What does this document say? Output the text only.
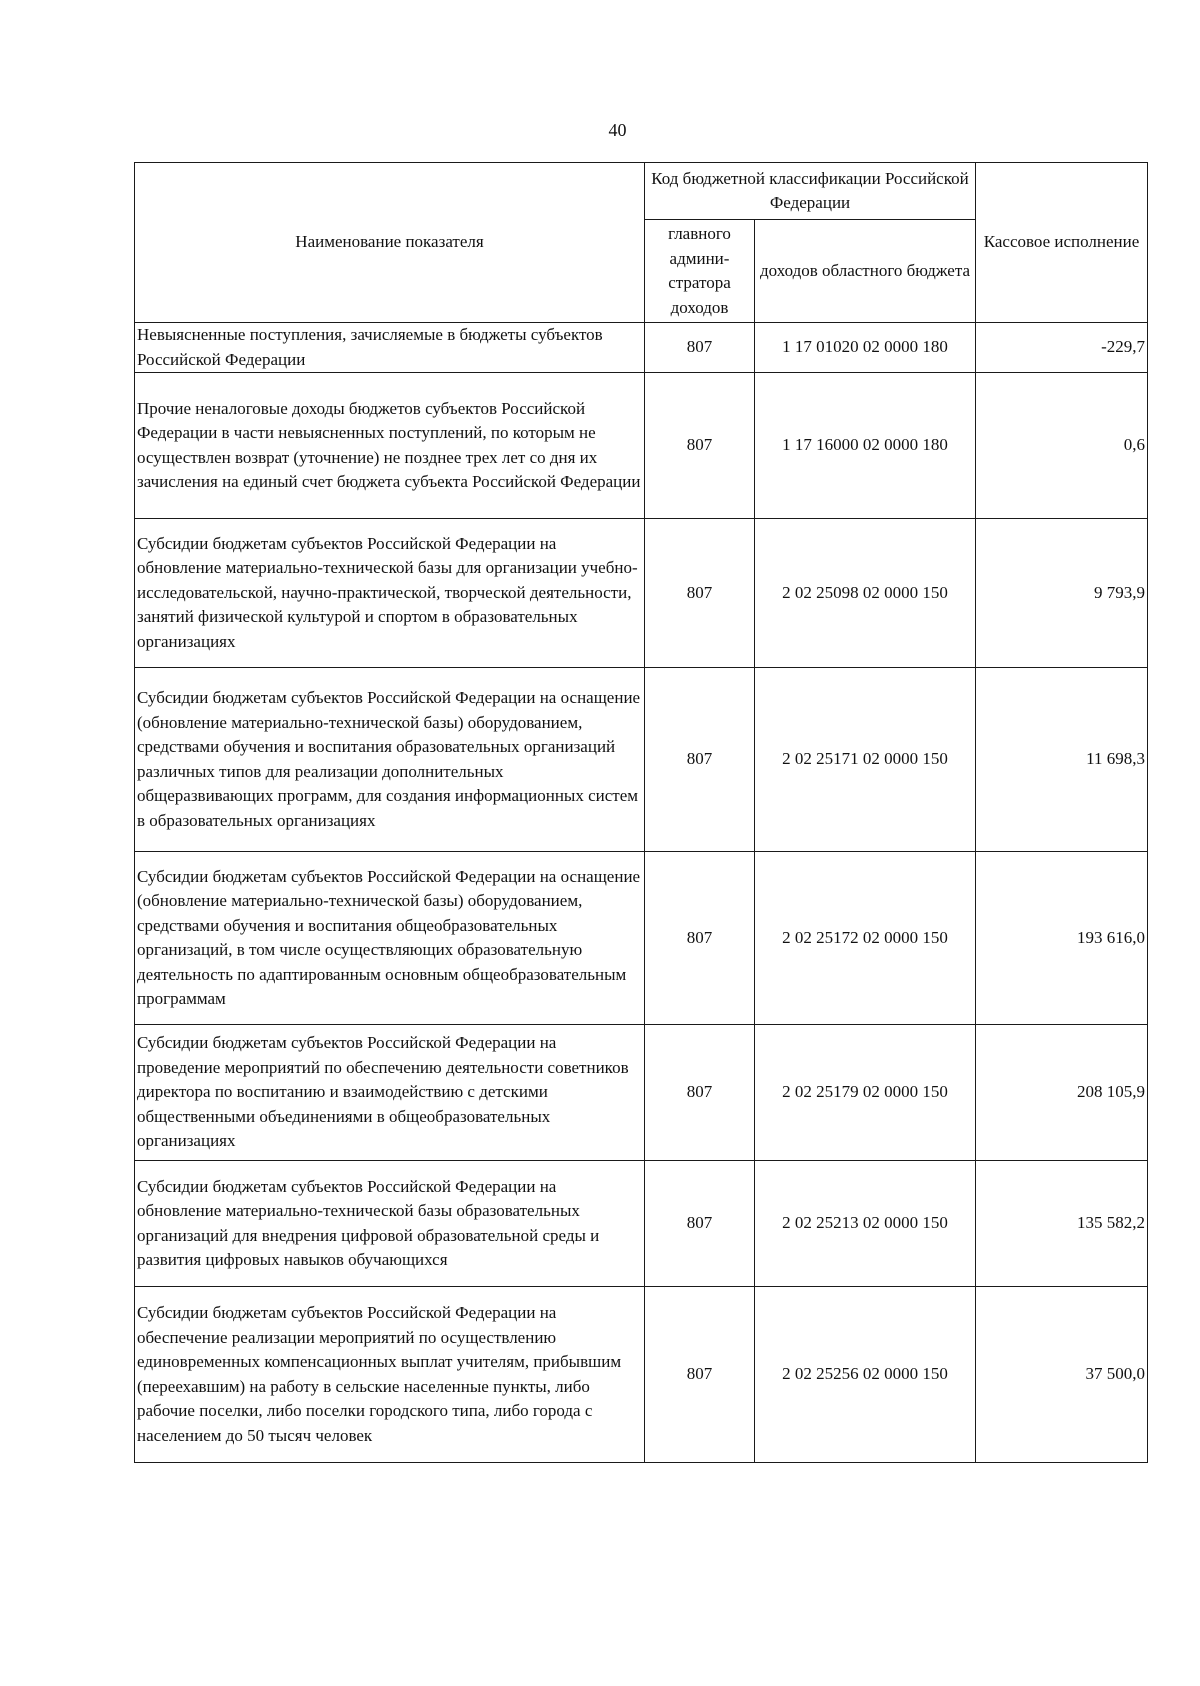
40
Наименование показателя	Код бюджетной классификации Российской Федерации		Кассовое исполнение
	главного админи- стратора доходов	доходов областного бюджета	
Невыясненные поступления, зачисляемые в бюджеты субъектов Российской Федерации	807	1 17 01020 02 0000 180	-229,7
Прочие неналоговые доходы бюджетов субъектов Российской Федерации в части невыясненных поступлений, по которым не осуществлен возврат (уточнение) не позднее трех лет со дня их зачисления на единый счет бюджета субъекта Российской Федерации	807	1 17 16000 02 0000 180	0,6
Субсидии бюджетам субъектов Российской Федерации на обновление материально-технической базы для организации учебно-исследовательской, научно-практической, творческой деятельности, занятий физической культурой и спортом в образовательных организациях	807	2 02 25098 02 0000 150	9 793,9
Субсидии бюджетам субъектов Российской Федерации на оснащение (обновление материально-технической базы) оборудованием, средствами обучения и воспитания образовательных организаций различных типов для реализации дополнительных общеразвивающих программ, для создания информационных систем в образовательных организациях	807	2 02 25171 02 0000 150	11 698,3
Субсидии бюджетам субъектов Российской Федерации на оснащение (обновление материально-технической базы) оборудованием, средствами обучения и воспитания общеобразовательных организаций, в том числе осуществляющих образовательную деятельность по адаптированным основным общеобразовательным программам	807	2 02 25172 02 0000 150	193 616,0
Субсидии бюджетам субъектов Российской Федерации на проведение мероприятий по обеспечению деятельности советников директора по воспитанию и взаимодействию с детскими общественными объединениями в общеобразовательных организациях	807	2 02 25179 02 0000 150	208 105,9
Субсидии бюджетам субъектов Российской Федерации на обновление материально-технической базы образовательных организаций для внедрения цифровой образовательной среды и развития цифровых навыков обучающихся	807	2 02 25213 02 0000 150	135 582,2
Субсидии бюджетам субъектов Российской Федерации на обеспечение реализации мероприятий по осуществлению единовременных компенсационных выплат учителям, прибывшим (переехавшим) на работу в сельские населенные пункты, либо рабочие поселки, либо поселки городского типа, либо города с населением до 50 тысяч человек	807	2 02 25256 02 0000 150	37 500,0
